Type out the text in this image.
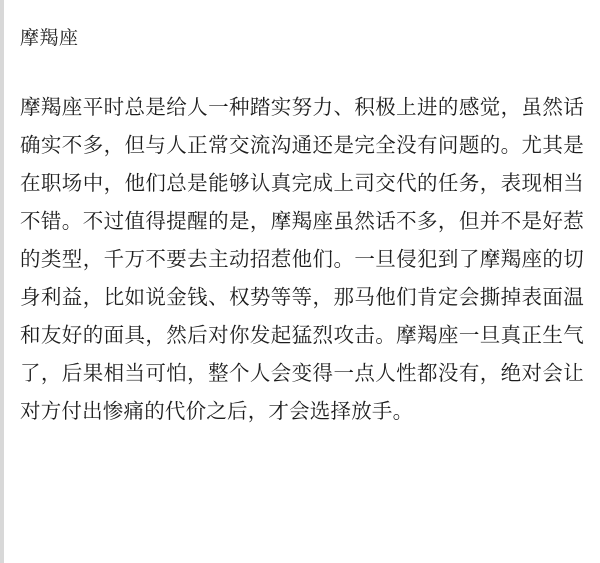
摩羯座
摩羯座平时总是给人一种踏实努力、积极上进的感觉，虽然话确实不多，但与人正常交流沟通还是完全没有问题的。尤其是在职场中，他们总是能够认真完成上司交代的任务，表现相当不错。不过值得提醒的是，摩羯座虽然话不多，但并不是好惹的类型，千万不要去主动招惹他们。一旦侵犯到了摩羯座的切身利益，比如说金钱、权势等等，那马他们肯定会撕掉表面温和友好的面具，然后对你发起猛烈攻击。摩羯座一旦真正生气了，后果相当可怕，整个人会变得一点人性都没有，绝对会让对方付出惨痛的代价之后，才会选择放手。
